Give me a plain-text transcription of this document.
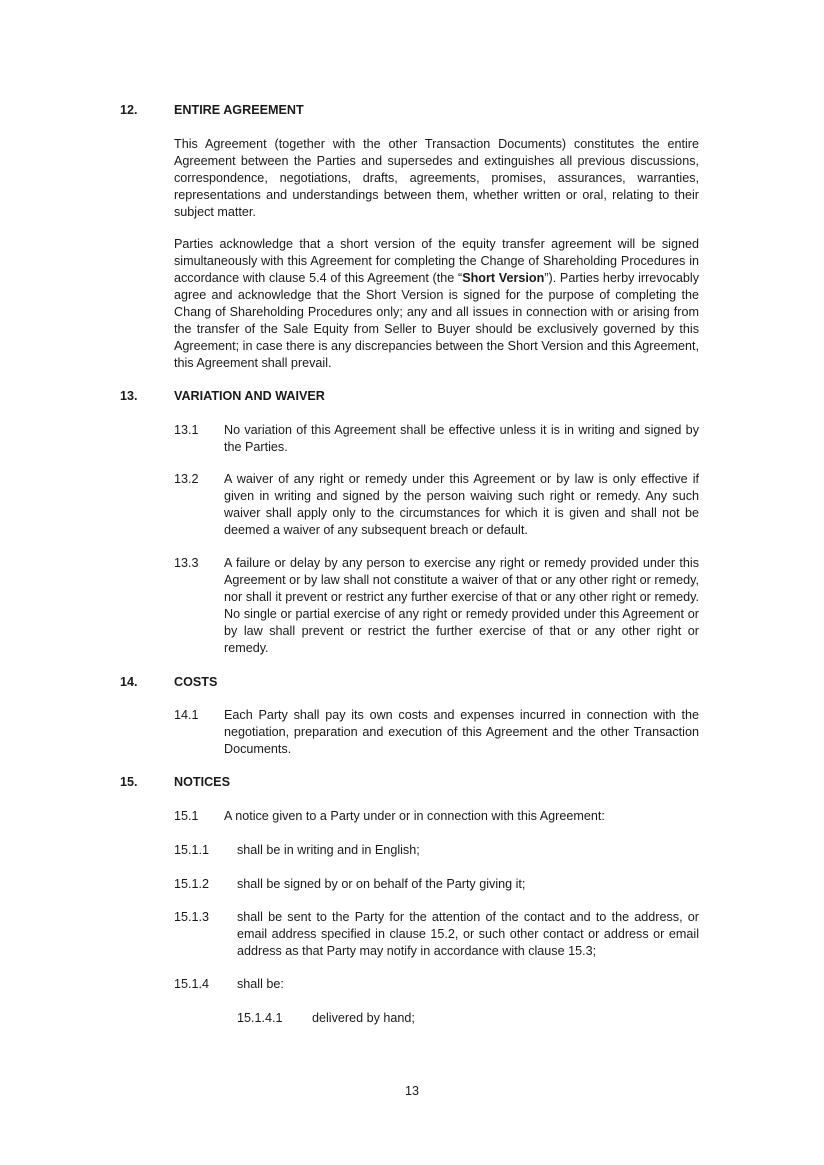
12.	ENTIRE AGREEMENT

This Agreement (together with the other Transaction Documents) constitutes the entire Agreement between the Parties and supersedes and extinguishes all previous discussions, correspondence, negotiations, drafts, agreements, promises, assurances, warranties, representations and understandings between them, whether written or oral, relating to their subject matter.

Parties acknowledge that a short version of the equity transfer agreement will be signed simultaneously with this Agreement for completing the Change of Shareholding Procedures in accordance with clause 5.4 of this Agreement (the “Short Version”). Parties herby irrevocably agree and acknowledge that the Short Version is signed for the purpose of completing the Chang of Shareholding Procedures only; any and all issues in connection with or arising from the transfer of the Sale Equity from Seller to Buyer should be exclusively governed by this Agreement; in case there is any discrepancies between the Short Version and this Agreement, this Agreement shall prevail.

13.	VARIATION AND WAIVER
13.1 No variation of this Agreement shall be effective unless it is in writing and signed by the Parties.

13.2 A waiver of any right or remedy under this Agreement or by law is only effective if given in writing and signed by the person waiving such right or remedy. Any such waiver shall apply only to the circumstances for which it is given and shall not be deemed a waiver of any subsequent breach or default.

13.3 A failure or delay by any person to exercise any right or remedy provided under this Agreement or by law shall not constitute a waiver of that or any other right or remedy, nor shall it prevent or restrict any further exercise of that or any other right or remedy. No single or partial exercise of any right or remedy provided under this Agreement or by law shall prevent or restrict the further exercise of that or any other right or remedy.

14.	COSTS
14.1 Each Party shall pay its own costs and expenses incurred in connection with the negotiation, preparation and execution of this Agreement and the other Transaction Documents.

15.	NOTICES
15.1 A notice given to a Party under or in connection with this Agreement:

15.1.1 shall be in writing and in English;

15.1.2 shall be signed by or on behalf of the Party giving it;

15.1.3 shall be sent to the Party for the attention of the contact and to the address, or email address specified in clause 15.2, or such other contact or address or email address as that Party may notify in accordance with clause 15.3;

15.1.4 shall be:

15.1.4.1 delivered by hand;

13
